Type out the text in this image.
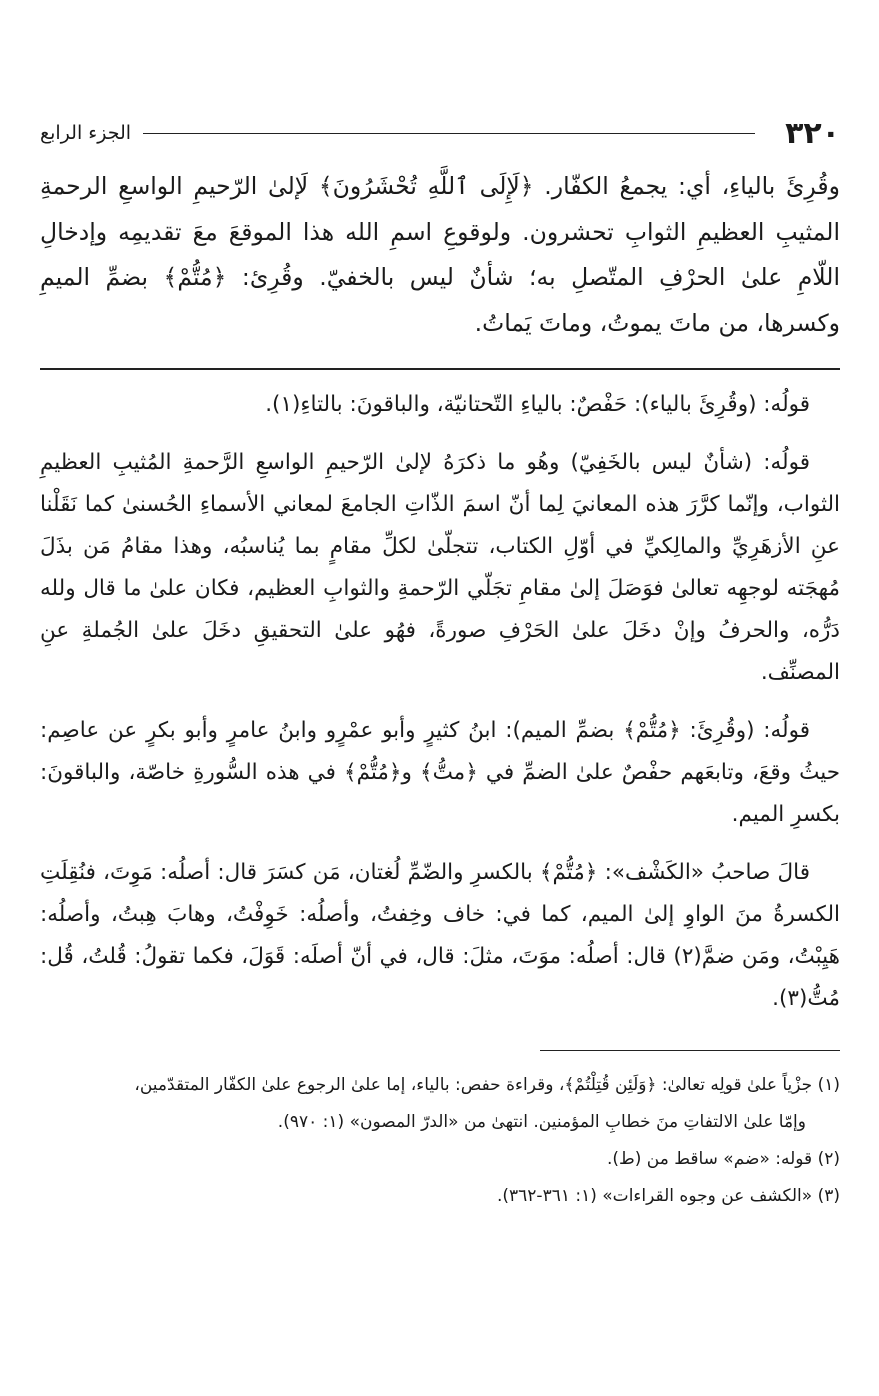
٣٢٠
الجزء الرابع

وقُرِئَ بالياءِ، أي: يجمعُ الكفّار. ﴿لَإِلَى ٱللَّهِ تُحْشَرُونَ﴾ لَإلىٰ الرّحيمِ الواسعِ الرحمةِ المثيبِ العظيمِ الثوابِ تحشرون. ولوقوعِ اسمِ الله هذا الموقعَ معَ تقديمِه وإدخالِ اللّامِ علىٰ الحرْفِ المتّصلِ به؛ شأنٌ ليس بالخفيّ. وقُرِئ: ﴿مُتُّمْ﴾ بضمِّ الميمِ وكسرها، من ماتَ يموتُ، وماتَ يَماتُ.

قولُه: (وقُرِئَ بالياء): حَفْصٌ: بالياءِ التّحتانيّة، والباقونَ: بالتاءِ(١).

قولُه: (شأنٌ ليس بالخَفِيّ) وهُو ما ذكرَهُ لإلىٰ الرّحيمِ الواسعِ الرَّحمةِ المُثيبِ العظيمِ الثواب، وإنّما كرَّرَ هذه المعانيَ لِما أنّ اسمَ الذّاتِ الجامعَ لمعاني الأسماءِ الحُسنىٰ كما نَقَلْنا عنِ الأزهَرِيِّ والمالِكيِّ في أوّلِ الكتاب، تتجلّىٰ لكلِّ مقامٍ بما يُناسبُه، وهذا مقامُ مَن بذَلَ مُهجَته لوجهِه تعالىٰ فوَصَلَ إلىٰ مقامِ تجَلّي الرّحمةِ والثوابِ العظيم، فكان علىٰ ما قال ولله دَرُّه، والحرفُ وإنْ دخَلَ علىٰ الحَرْفِ صورةً، فهُو علىٰ التحقيقِ دخَلَ علىٰ الجُملةِ عنِ المصنِّف.

قولُه: (وقُرِئَ: ﴿مُتُّمْ﴾ بضمِّ الميم): ابنُ كثيرٍ وأبو عمْرٍو وابنُ عامرٍ وأبو بكرٍ عن عاصِم: حيثُ وقعَ، وتابعَهم حفْصٌ علىٰ الضمِّ في ﴿متُّ﴾ و﴿مُتُّمْ﴾ في هذه السُّورةِ خاصّة، والباقونَ: بكسرِ الميم.

قالَ صاحبُ «الكَشْف»: ﴿مُتُّمْ﴾ بالكسرِ والضّمِّ لُغتان، مَن كسَرَ قال: أصلُه: مَوِتَ، فنُقِلَتِ الكسرةُ منَ الواوِ إلىٰ الميم، كما في: خاف وخِفتُ، وأصلُه: خَوِفْتُ، وهابَ هِبتُ، وأصلُه: هَيِبْتُ، ومَن ضمَّ(٢) قال: أصلُه: موَتَ، مثلَ: قال، في أنّ أصلَه: قَوَلَ، فكما تقولُ: قُلتُ، قُل: مُتُّ(٣).

(١) جزْياً علىٰ قولِه تعالىٰ: ﴿وَلَئِن قُتِلْتُمْ﴾، وقراءة حفص: بالياء، إما علىٰ الرجوع علىٰ الكفّار المتقدّمين،

وإمّا علىٰ الالتفاتِ منَ خطابِ المؤمنين. انتهىٰ من «الدرّ المصون» (١: ٩٧٠).

(٢) قوله: «ضم» ساقط من (ط).

(٣) «الكشف عن وجوه القراءات» (١: ٣٦١-٣٦٢).
